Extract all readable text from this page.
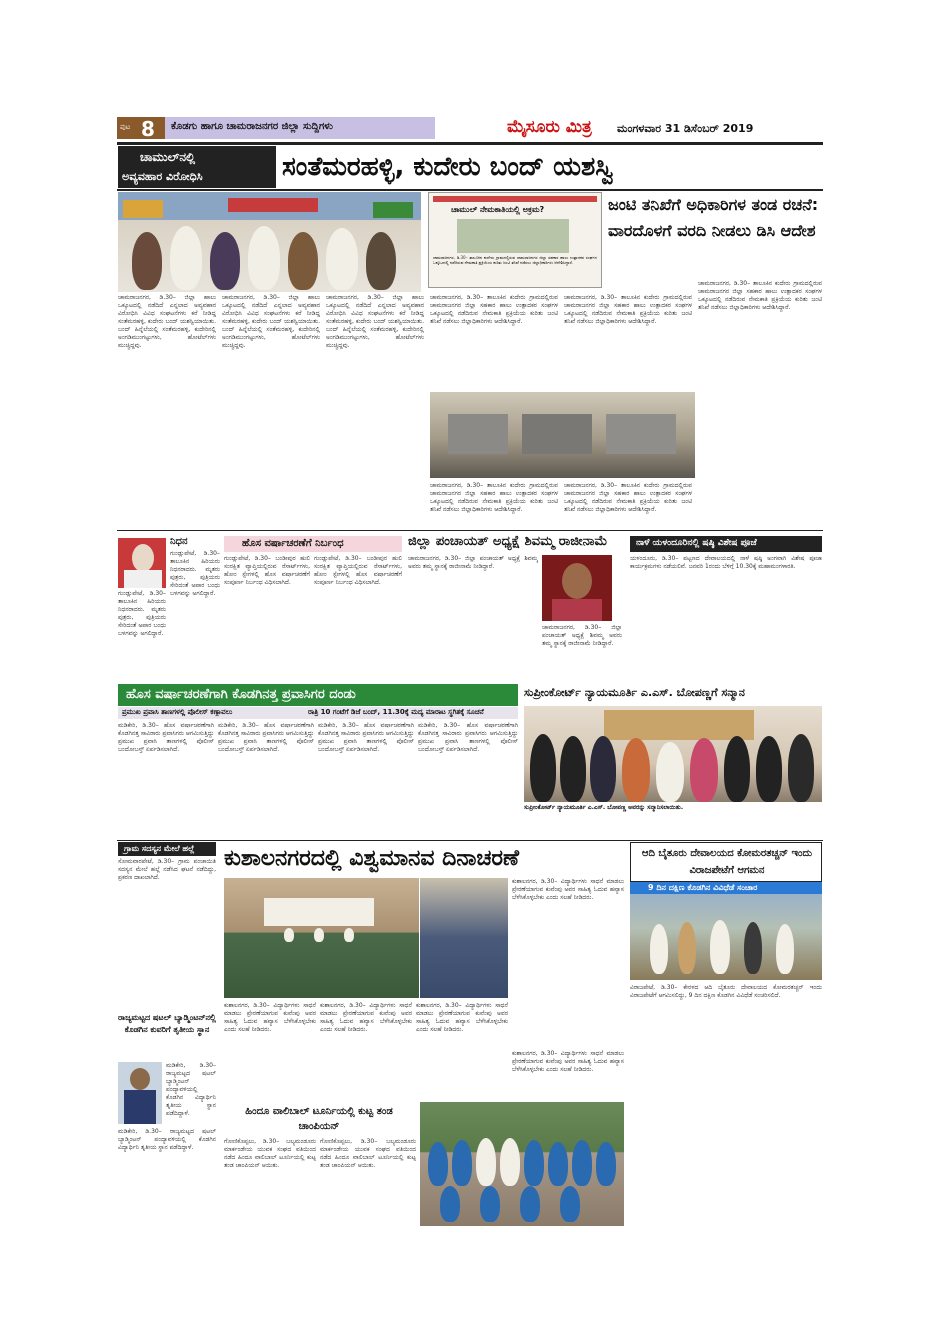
ಪುಟ 8 ಕೊಡಗು ಹಾಗೂ ಚಾಮರಾಜನಗರ ಜಿಲ್ಲಾ ಸುದ್ದಿಗಳು	ಮೈಸೂರು ಮಿತ್ರ ಮಂಗಳವಾರ 31 ಡಿಸೆಂಬರ್ 2019
ಚಾಮುಲ್‌ನಲ್ಲಿ
ಅವ್ಯವಹಾರ ವಿರೋಧಿಸಿ	ಸಂತೆಮರಹಳ್ಳಿ, ಕುದೇರು ಬಂದ್ ಯಶಸ್ವಿ
ಚಾಮುಲ್ ನೇಮಕಾತಿಯಲ್ಲಿ ಅಕ್ರಮ?
ಚಾಮರಾಜನಗರ, ಡಿ.30– ತಾಲೂಕಿನ ಕುದೇರು ಗ್ರಾಮದಲ್ಲಿರುವ ಚಾಮರಾಜನಗರ ಜಿಲ್ಲಾ ಸಹಕಾರ ಹಾಲು ಉತ್ಪಾದಕರ ಸಂಘಗಳ ಒಕ್ಕೂಟದಲ್ಲಿ ನಡೆದಿರುವ ನೇಮಕಾತಿ ಪ್ರಕ್ರಿಯೆಯ ಕುರಿತು ಜಂಟಿ ತನಿಖೆ ನಡೆಸಲು ಜಿಲ್ಲಾಧಿಕಾರಿಗಳು ಆದೇಶಿಸಿದ್ದಾರೆ.
ಜಂಟಿ ತನಿಖೆಗೆ ಅಧಿಕಾರಿಗಳ ತಂಡ ರಚನೆ: ವಾರದೊಳಗೆ ವರದಿ ನೀಡಲು ಡಿಸಿ ಆದೇಶ
ಚಾಮರಾಜನಗರ, ಡಿ.30– ಜಿಲ್ಲಾ ಹಾಲು ಒಕ್ಕೂಟದಲ್ಲಿ ನಡೆದಿದೆ ಎನ್ನಲಾದ ಅವ್ಯವಹಾರ ವಿರೋಧಿಸಿ ವಿವಿಧ ಸಂಘಟನೆಗಳು ಕರೆ ನೀಡಿದ್ದ ಸಂತೆಮರಹಳ್ಳಿ, ಕುದೇರು ಬಂದ್ ಯಶಸ್ವಿಯಾಯಿತು. ಬಂದ್ ಹಿನ್ನೆಲೆಯಲ್ಲಿ ಸಂತೆಮರಹಳ್ಳಿ, ಕುದೇರಿನಲ್ಲಿ ಅಂಗಡಿಮುಂಗಟ್ಟುಗಳು, ಹೋಟೆಲ್‌ಗಳು ಮುಚ್ಚಿದ್ದವು.
ಚಾಮರಾಜನಗರ, ಡಿ.30– ಜಿಲ್ಲಾ ಹಾಲು ಒಕ್ಕೂಟದಲ್ಲಿ ನಡೆದಿದೆ ಎನ್ನಲಾದ ಅವ್ಯವಹಾರ ವಿರೋಧಿಸಿ ವಿವಿಧ ಸಂಘಟನೆಗಳು ಕರೆ ನೀಡಿದ್ದ ಸಂತೆಮರಹಳ್ಳಿ, ಕುದೇರು ಬಂದ್ ಯಶಸ್ವಿಯಾಯಿತು. ಬಂದ್ ಹಿನ್ನೆಲೆಯಲ್ಲಿ ಸಂತೆಮರಹಳ್ಳಿ, ಕುದೇರಿನಲ್ಲಿ ಅಂಗಡಿಮುಂಗಟ್ಟುಗಳು, ಹೋಟೆಲ್‌ಗಳು ಮುಚ್ಚಿದ್ದವು.
ಚಾಮರಾಜನಗರ, ಡಿ.30– ಜಿಲ್ಲಾ ಹಾಲು ಒಕ್ಕೂಟದಲ್ಲಿ ನಡೆದಿದೆ ಎನ್ನಲಾದ ಅವ್ಯವಹಾರ ವಿರೋಧಿಸಿ ವಿವಿಧ ಸಂಘಟನೆಗಳು ಕರೆ ನೀಡಿದ್ದ ಸಂತೆಮರಹಳ್ಳಿ, ಕುದೇರು ಬಂದ್ ಯಶಸ್ವಿಯಾಯಿತು. ಬಂದ್ ಹಿನ್ನೆಲೆಯಲ್ಲಿ ಸಂತೆಮರಹಳ್ಳಿ, ಕುದೇರಿನಲ್ಲಿ ಅಂಗಡಿಮುಂಗಟ್ಟುಗಳು, ಹೋಟೆಲ್‌ಗಳು ಮುಚ್ಚಿದ್ದವು.
ಚಾಮರಾಜನಗರ, ಡಿ.30– ತಾಲೂಕಿನ ಕುದೇರು ಗ್ರಾಮದಲ್ಲಿರುವ ಚಾಮರಾಜನಗರ ಜಿಲ್ಲಾ ಸಹಕಾರ ಹಾಲು ಉತ್ಪಾದಕರ ಸಂಘಗಳ ಒಕ್ಕೂಟದಲ್ಲಿ ನಡೆದಿರುವ ನೇಮಕಾತಿ ಪ್ರಕ್ರಿಯೆಯ ಕುರಿತು ಜಂಟಿ ತನಿಖೆ ನಡೆಸಲು ಜಿಲ್ಲಾಧಿಕಾರಿಗಳು ಆದೇಶಿಸಿದ್ದಾರೆ.
ಚಾಮರಾಜನಗರ, ಡಿ.30– ತಾಲೂಕಿನ ಕುದೇರು ಗ್ರಾಮದಲ್ಲಿರುವ ಚಾಮರಾಜನಗರ ಜಿಲ್ಲಾ ಸಹಕಾರ ಹಾಲು ಉತ್ಪಾದಕರ ಸಂಘಗಳ ಒಕ್ಕೂಟದಲ್ಲಿ ನಡೆದಿರುವ ನೇಮಕಾತಿ ಪ್ರಕ್ರಿಯೆಯ ಕುರಿತು ಜಂಟಿ ತನಿಖೆ ನಡೆಸಲು ಜಿಲ್ಲಾಧಿಕಾರಿಗಳು ಆದೇಶಿಸಿದ್ದಾರೆ.
ಚಾಮರಾಜನಗರ, ಡಿ.30– ತಾಲೂಕಿನ ಕುದೇರು ಗ್ರಾಮದಲ್ಲಿರುವ ಚಾಮರಾಜನಗರ ಜಿಲ್ಲಾ ಸಹಕಾರ ಹಾಲು ಉತ್ಪಾದಕರ ಸಂಘಗಳ ಒಕ್ಕೂಟದಲ್ಲಿ ನಡೆದಿರುವ ನೇಮಕಾತಿ ಪ್ರಕ್ರಿಯೆಯ ಕುರಿತು ಜಂಟಿ ತನಿಖೆ ನಡೆಸಲು ಜಿಲ್ಲಾಧಿಕಾರಿಗಳು ಆದೇಶಿಸಿದ್ದಾರೆ.
ಚಾಮರಾಜನಗರ, ಡಿ.30– ತಾಲೂಕಿನ ಕುದೇರು ಗ್ರಾಮದಲ್ಲಿರುವ ಚಾಮರಾಜನಗರ ಜಿಲ್ಲಾ ಸಹಕಾರ ಹಾಲು ಉತ್ಪಾದಕರ ಸಂಘಗಳ ಒಕ್ಕೂಟದಲ್ಲಿ ನಡೆದಿರುವ ನೇಮಕಾತಿ ಪ್ರಕ್ರಿಯೆಯ ಕುರಿತು ಜಂಟಿ ತನಿಖೆ ನಡೆಸಲು ಜಿಲ್ಲಾಧಿಕಾರಿಗಳು ಆದೇಶಿಸಿದ್ದಾರೆ.
ಚಾಮರಾಜನಗರ, ಡಿ.30– ತಾಲೂಕಿನ ಕುದೇರು ಗ್ರಾಮದಲ್ಲಿರುವ ಚಾಮರಾಜನಗರ ಜಿಲ್ಲಾ ಸಹಕಾರ ಹಾಲು ಉತ್ಪಾದಕರ ಸಂಘಗಳ ಒಕ್ಕೂಟದಲ್ಲಿ ನಡೆದಿರುವ ನೇಮಕಾತಿ ಪ್ರಕ್ರಿಯೆಯ ಕುರಿತು ಜಂಟಿ ತನಿಖೆ ನಡೆಸಲು ಜಿಲ್ಲಾಧಿಕಾರಿಗಳು ಆದೇಶಿಸಿದ್ದಾರೆ.
ನಿಧನ
ಗುಂಡ್ಲುಪೇಟೆ, ಡಿ.30– ತಾಲೂಕಿನ ಹಿರಿಯರು ನಿಧನರಾದರು. ಮೃತರು ಪುತ್ರರು, ಪುತ್ರಿಯರು ಸೇರಿದಂತೆ ಅಪಾರ ಬಂಧು ಬಳಗವನ್ನು ಅಗಲಿದ್ದಾರೆ.
ಗುಂಡ್ಲುಪೇಟೆ, ಡಿ.30– ತಾಲೂಕಿನ ಹಿರಿಯರು ನಿಧನರಾದರು. ಮೃತರು ಪುತ್ರರು, ಪುತ್ರಿಯರು ಸೇರಿದಂತೆ ಅಪಾರ ಬಂಧು ಬಳಗವನ್ನು ಅಗಲಿದ್ದಾರೆ.
ಹೊಸ ವರ್ಷಾಚರಣೆಗೆ ನಿರ್ಬಂಧ
ಗುಂಡ್ಲುಪೇಟೆ, ಡಿ.30– ಬಂಡೀಪುರ ಹುಲಿ ಸಂರಕ್ಷಿತ ವ್ಯಾಪ್ತಿಯಲ್ಲಿರುವ ರೆಸಾರ್ಟ್‌ಗಳು, ಹೋಂ ಸ್ಟೇಗಳಲ್ಲಿ ಹೊಸ ವರ್ಷಾಚರಣೆಗೆ ಸಂಪೂರ್ಣ ನಿರ್ಬಂಧ ವಿಧಿಸಲಾಗಿದೆ.
ಗುಂಡ್ಲುಪೇಟೆ, ಡಿ.30– ಬಂಡೀಪುರ ಹುಲಿ ಸಂರಕ್ಷಿತ ವ್ಯಾಪ್ತಿಯಲ್ಲಿರುವ ರೆಸಾರ್ಟ್‌ಗಳು, ಹೋಂ ಸ್ಟೇಗಳಲ್ಲಿ ಹೊಸ ವರ್ಷಾಚರಣೆಗೆ ಸಂಪೂರ್ಣ ನಿರ್ಬಂಧ ವಿಧಿಸಲಾಗಿದೆ.
ಜಿಲ್ಲಾ ಪಂಚಾಯತ್ ಅಧ್ಯಕ್ಷೆ ಶಿವಮ್ಮ ರಾಜೀನಾಮೆ
ಚಾಮರಾಜನಗರ, ಡಿ.30– ಜಿಲ್ಲಾ ಪಂಚಾಯತ್ ಅಧ್ಯಕ್ಷೆ ಶಿವಮ್ಮ ಅವರು ತಮ್ಮ ಸ್ಥಾನಕ್ಕೆ ರಾಜೀನಾಮೆ ನೀಡಿದ್ದಾರೆ.
ಚಾಮರಾಜನಗರ, ಡಿ.30– ಜಿಲ್ಲಾ ಪಂಚಾಯತ್ ಅಧ್ಯಕ್ಷೆ ಶಿವಮ್ಮ ಅವರು ತಮ್ಮ ಸ್ಥಾನಕ್ಕೆ ರಾಜೀನಾಮೆ ನೀಡಿದ್ದಾರೆ.
ನಾಳೆ ಯಳಂದೂರಿನಲ್ಲಿ ಷಷ್ಠಿ ವಿಶೇಷ ಪೂಜೆ
ಯಳಂದೂರು, ಡಿ.30– ಪಟ್ಟಣದ ದೇವಾಲಯದಲ್ಲಿ ನಾಳೆ ಷಷ್ಠಿ ಅಂಗವಾಗಿ ವಿಶೇಷ ಪೂಜಾ ಕಾರ್ಯಕ್ರಮಗಳು ನಡೆಯಲಿವೆ. ಜನವರಿ 1ರಂದು ಬೆಳಿಗ್ಗೆ 10.30ಕ್ಕೆ ಮಹಾಮಂಗಳಾರತಿ.
ಹೊಸ ವರ್ಷಾಚರಣೆಗಾಗಿ ಕೊಡಗಿನತ್ತ ಪ್ರವಾಸಿಗರ ದಂಡು
ಪ್ರಮುಖ ಪ್ರವಾಸಿ ತಾಣಗಳಲ್ಲಿ ಪೊಲೀಸ್ ಕಣ್ಗಾವಲು	ರಾತ್ರಿ 10 ಗಂಟೆಗೆ ಡಿಜೆ ಬಂದ್, 11.30ಕ್ಕೆ ಮದ್ಯ ಮಾರಾಟ ಸ್ಥಗಿತಕ್ಕೆ ಸೂಚನೆ
ಮಡಿಕೇರಿ, ಡಿ.30– ಹೊಸ ವರ್ಷಾಚರಣೆಗಾಗಿ ಕೊಡಗಿನತ್ತ ಸಾವಿರಾರು ಪ್ರವಾಸಿಗರು ಆಗಮಿಸುತ್ತಿದ್ದು ಪ್ರಮುಖ ಪ್ರವಾಸಿ ತಾಣಗಳಲ್ಲಿ ಪೊಲೀಸ್ ಬಂದೋಬಸ್ತ್ ಏರ್ಪಡಿಸಲಾಗಿದೆ.
ಮಡಿಕೇರಿ, ಡಿ.30– ಹೊಸ ವರ್ಷಾಚರಣೆಗಾಗಿ ಕೊಡಗಿನತ್ತ ಸಾವಿರಾರು ಪ್ರವಾಸಿಗರು ಆಗಮಿಸುತ್ತಿದ್ದು ಪ್ರಮುಖ ಪ್ರವಾಸಿ ತಾಣಗಳಲ್ಲಿ ಪೊಲೀಸ್ ಬಂದೋಬಸ್ತ್ ಏರ್ಪಡಿಸಲಾಗಿದೆ.
ಮಡಿಕೇರಿ, ಡಿ.30– ಹೊಸ ವರ್ಷಾಚರಣೆಗಾಗಿ ಕೊಡಗಿನತ್ತ ಸಾವಿರಾರು ಪ್ರವಾಸಿಗರು ಆಗಮಿಸುತ್ತಿದ್ದು ಪ್ರಮುಖ ಪ್ರವಾಸಿ ತಾಣಗಳಲ್ಲಿ ಪೊಲೀಸ್ ಬಂದೋಬಸ್ತ್ ಏರ್ಪಡಿಸಲಾಗಿದೆ.
ಮಡಿಕೇರಿ, ಡಿ.30– ಹೊಸ ವರ್ಷಾಚರಣೆಗಾಗಿ ಕೊಡಗಿನತ್ತ ಸಾವಿರಾರು ಪ್ರವಾಸಿಗರು ಆಗಮಿಸುತ್ತಿದ್ದು ಪ್ರಮುಖ ಪ್ರವಾಸಿ ತಾಣಗಳಲ್ಲಿ ಪೊಲೀಸ್ ಬಂದೋಬಸ್ತ್ ಏರ್ಪಡಿಸಲಾಗಿದೆ.
ಸುಪ್ರೀಂಕೋರ್ಟ್ ನ್ಯಾಯಮೂರ್ತಿ ಎ.ಎಸ್. ಬೋಪಣ್ಣಗೆ ಸನ್ಮಾನ
ಸುಪ್ರೀಂಕೋರ್ಟ್ ನ್ಯಾಯಮೂರ್ತಿ ಎ.ಎಸ್. ಬೋಪಣ್ಣ ಅವರನ್ನು ಸನ್ಮಾನಿಸಲಾಯಿತು.
ಗ್ರಾಮ ಸದಸ್ಯನ ಮೇಲೆ ಹಲ್ಲೆ
ಸೋಮವಾರಪೇಟೆ, ಡಿ.30– ಗ್ರಾಮ ಪಂಚಾಯಿತಿ ಸದಸ್ಯನ ಮೇಲೆ ಹಲ್ಲೆ ನಡೆಸಿದ ಘಟನೆ ನಡೆದಿದ್ದು, ಪ್ರಕರಣ ದಾಖಲಾಗಿದೆ.
ರಾಜ್ಯಮಟ್ಟದ ಷಟಲ್ ಬ್ಯಾಡ್ಮಿಂಟನ್‌ನಲ್ಲಿ ಕೊಡಗಿನ ಕುವರಿಗೆ ತೃತೀಯ ಸ್ಥಾನ
ಮಡಿಕೇರಿ, ಡಿ.30– ರಾಜ್ಯಮಟ್ಟದ ಷಟಲ್ ಬ್ಯಾಡ್ಮಿಂಟನ್ ಪಂದ್ಯಾವಳಿಯಲ್ಲಿ ಕೊಡಗಿನ ವಿದ್ಯಾರ್ಥಿನಿ ತೃತೀಯ ಸ್ಥಾನ ಪಡೆದಿದ್ದಾಳೆ.
ಮಡಿಕೇರಿ, ಡಿ.30– ರಾಜ್ಯಮಟ್ಟದ ಷಟಲ್ ಬ್ಯಾಡ್ಮಿಂಟನ್ ಪಂದ್ಯಾವಳಿಯಲ್ಲಿ ಕೊಡಗಿನ ವಿದ್ಯಾರ್ಥಿನಿ ತೃತೀಯ ಸ್ಥಾನ ಪಡೆದಿದ್ದಾಳೆ.
ಕುಶಾಲನಗರದಲ್ಲಿ ವಿಶ್ವಮಾನವ ದಿನಾಚರಣೆ
ಕುಶಾಲನಗರ, ಡಿ.30– ವಿದ್ಯಾರ್ಥಿಗಳು ಸಾಧನೆ ಮಾಡಲು ಪ್ರೇರಣೆಯಾಗುವ ಕುವೆಂಪು ಅವರ ಸಾಹಿತ್ಯ ಓದುವ ಹವ್ಯಾಸ ಬೆಳೆಸಿಕೊಳ್ಳಬೇಕು ಎಂದು ಸಲಹೆ ನೀಡಿದರು.
ಕುಶಾಲನಗರ, ಡಿ.30– ವಿದ್ಯಾರ್ಥಿಗಳು ಸಾಧನೆ ಮಾಡಲು ಪ್ರೇರಣೆಯಾಗುವ ಕುವೆಂಪು ಅವರ ಸಾಹಿತ್ಯ ಓದುವ ಹವ್ಯಾಸ ಬೆಳೆಸಿಕೊಳ್ಳಬೇಕು ಎಂದು ಸಲಹೆ ನೀಡಿದರು.
ಕುಶಾಲನಗರ, ಡಿ.30– ವಿದ್ಯಾರ್ಥಿಗಳು ಸಾಧನೆ ಮಾಡಲು ಪ್ರೇರಣೆಯಾಗುವ ಕುವೆಂಪು ಅವರ ಸಾಹಿತ್ಯ ಓದುವ ಹವ್ಯಾಸ ಬೆಳೆಸಿಕೊಳ್ಳಬೇಕು ಎಂದು ಸಲಹೆ ನೀಡಿದರು.
ಕುಶಾಲನಗರ, ಡಿ.30– ವಿದ್ಯಾರ್ಥಿಗಳು ಸಾಧನೆ ಮಾಡಲು ಪ್ರೇರಣೆಯಾಗುವ ಕುವೆಂಪು ಅವರ ಸಾಹಿತ್ಯ ಓದುವ ಹವ್ಯಾಸ ಬೆಳೆಸಿಕೊಳ್ಳಬೇಕು ಎಂದು ಸಲಹೆ ನೀಡಿದರು.
ಕುಶಾಲನಗರ, ಡಿ.30– ವಿದ್ಯಾರ್ಥಿಗಳು ಸಾಧನೆ ಮಾಡಲು ಪ್ರೇರಣೆಯಾಗುವ ಕುವೆಂಪು ಅವರ ಸಾಹಿತ್ಯ ಓದುವ ಹವ್ಯಾಸ ಬೆಳೆಸಿಕೊಳ್ಳಬೇಕು ಎಂದು ಸಲಹೆ ನೀಡಿದರು.
ಹಿಂದೂ ವಾಲಿಬಾಲ್ ಟೂರ್ನಿಯಲ್ಲಿ ಕುಟ್ಟ ತಂಡ ಚಾಂಪಿಯನ್
ಗೋಣಿಕೊಪ್ಪಲು, ಡಿ.30– ಬಲ್ಯಮಂಡೂರು ಮಾರ್ಕಂಡೇಯ ಯುವಕ ಸಂಘದ ವತಿಯಿಂದ ನಡೆದ ಹಿಂದೂ ವಾಲಿಬಾಲ್ ಟೂರ್ನಿಯಲ್ಲಿ ಕುಟ್ಟ ತಂಡ ಚಾಂಪಿಯನ್ ಆಯಿತು.
ಗೋಣಿಕೊಪ್ಪಲು, ಡಿ.30– ಬಲ್ಯಮಂಡೂರು ಮಾರ್ಕಂಡೇಯ ಯುವಕ ಸಂಘದ ವತಿಯಿಂದ ನಡೆದ ಹಿಂದೂ ವಾಲಿಬಾಲ್ ಟೂರ್ನಿಯಲ್ಲಿ ಕುಟ್ಟ ತಂಡ ಚಾಂಪಿಯನ್ ಆಯಿತು.
ಆದಿ ಬೈತೂರು ದೇವಾಲಯದ ಕೋಮರತಚ್ಚನ್ ಇಂದು ವಿರಾಜಪೇಟೆಗೆ ಆಗಮನ
9 ದಿನ ದಕ್ಷಿಣ ಕೊಡಗಿನ ವಿವಿಧೆಡೆ ಸಂಚಾರ
ವಿರಾಜಪೇಟೆ, ಡಿ.30– ಕೇರಳದ ಆದಿ ಬೈತೂರು ದೇವಾಲಯದ ಕೋಮರತಚ್ಚನ್ ಇಂದು ವಿರಾಜಪೇಟೆಗೆ ಆಗಮಿಸಲಿದ್ದು, 9 ದಿನ ದಕ್ಷಿಣ ಕೊಡಗಿನ ವಿವಿಧೆಡೆ ಸಂಚರಿಸಲಿದೆ.
